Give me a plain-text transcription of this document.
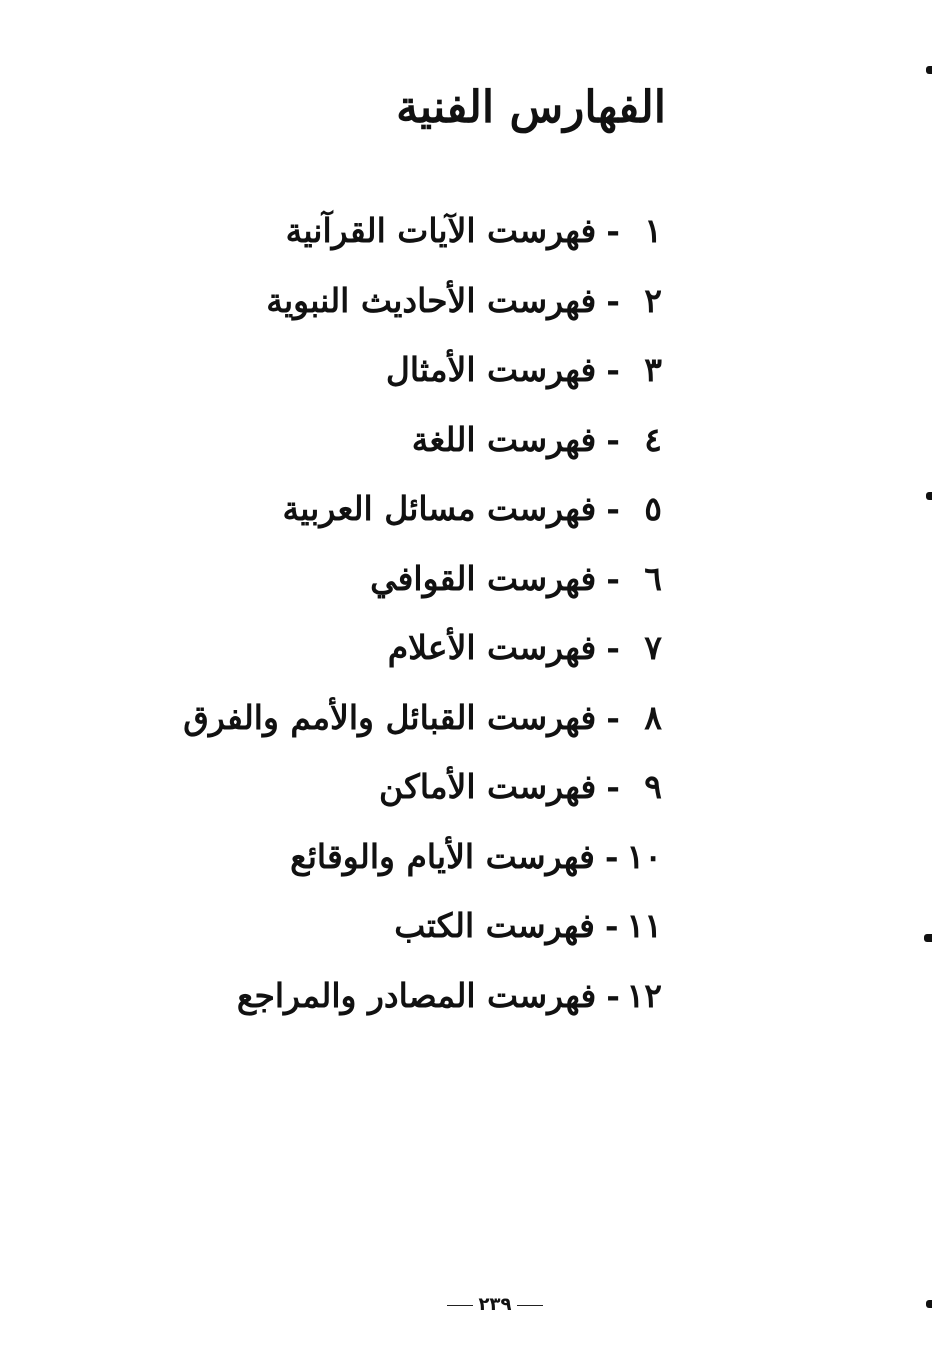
الفهارس الفنية
١
-
فهرست الآيات القرآنية
٢
-
فهرست الأحاديث النبوية
٣
-
فهرست الأمثال
٤
-
فهرست اللغة
٥
-
فهرست مسائل العربية
٦
-
فهرست القوافي
٧
-
فهرست الأعلام
٨
-
فهرست القبائل والأمم والفرق
٩
-
فهرست الأماكن
١٠
-
فهرست الأيام والوقائع
١١
-
فهرست الكتب
١٢
-
فهرست المصادر والمراجع
٢٣٩
